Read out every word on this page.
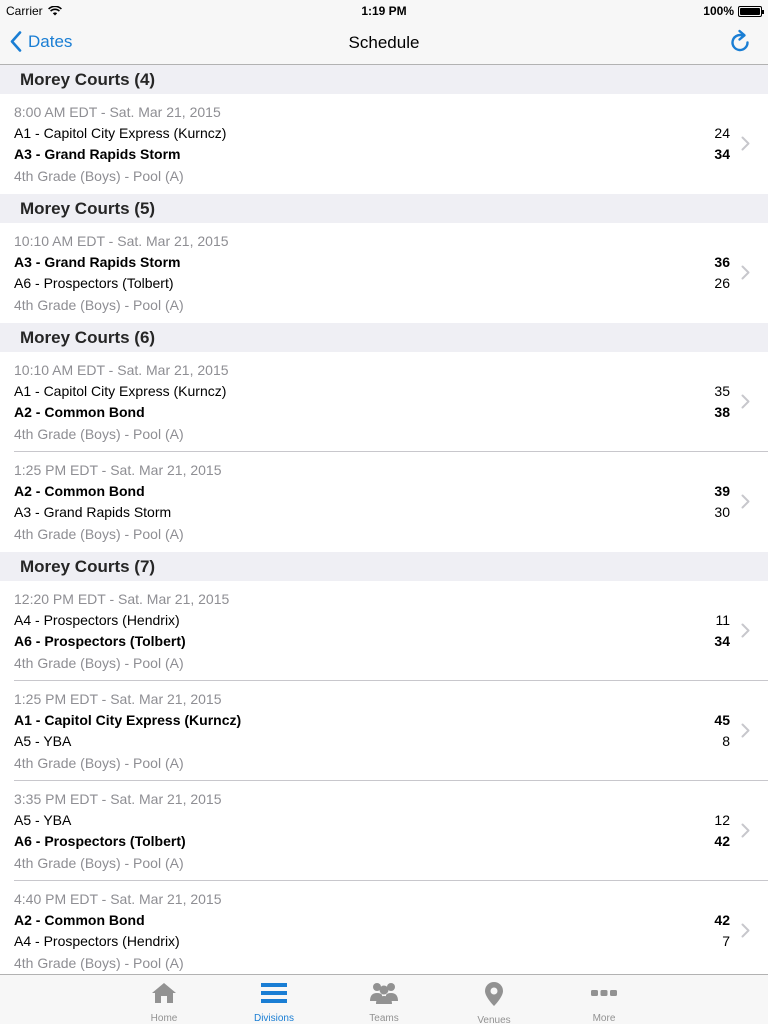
Carrier	1:19 PM	100%
Dates	Schedule
Morey Courts (4)
8:00 AM EDT - Sat. Mar 21, 2015
A1 - Capitol City Express (Kurncz)	24
A3 - Grand Rapids Storm	34
4th Grade (Boys) - Pool (A)
Morey Courts (5)
10:10 AM EDT - Sat. Mar 21, 2015
A3 - Grand Rapids Storm	36
A6 - Prospectors (Tolbert)	26
4th Grade (Boys) - Pool (A)
Morey Courts (6)
10:10 AM EDT - Sat. Mar 21, 2015
A1 - Capitol City Express (Kurncz)	35
A2 - Common Bond	38
4th Grade (Boys) - Pool (A)
1:25 PM EDT - Sat. Mar 21, 2015
A2 - Common Bond	39
A3 - Grand Rapids Storm	30
4th Grade (Boys) - Pool (A)
Morey Courts (7)
12:20 PM EDT - Sat. Mar 21, 2015
A4 - Prospectors (Hendrix)	11
A6 - Prospectors (Tolbert)	34
4th Grade (Boys) - Pool (A)
1:25 PM EDT - Sat. Mar 21, 2015
A1 - Capitol City Express (Kurncz)	45
A5 - YBA	8
4th Grade (Boys) - Pool (A)
3:35 PM EDT - Sat. Mar 21, 2015
A5 - YBA	12
A6 - Prospectors (Tolbert)	42
4th Grade (Boys) - Pool (A)
4:40 PM EDT - Sat. Mar 21, 2015
A2 - Common Bond	42
A4 - Prospectors (Hendrix)	7
4th Grade (Boys) - Pool (A)
Home	Divisions	Teams	Venues	More
